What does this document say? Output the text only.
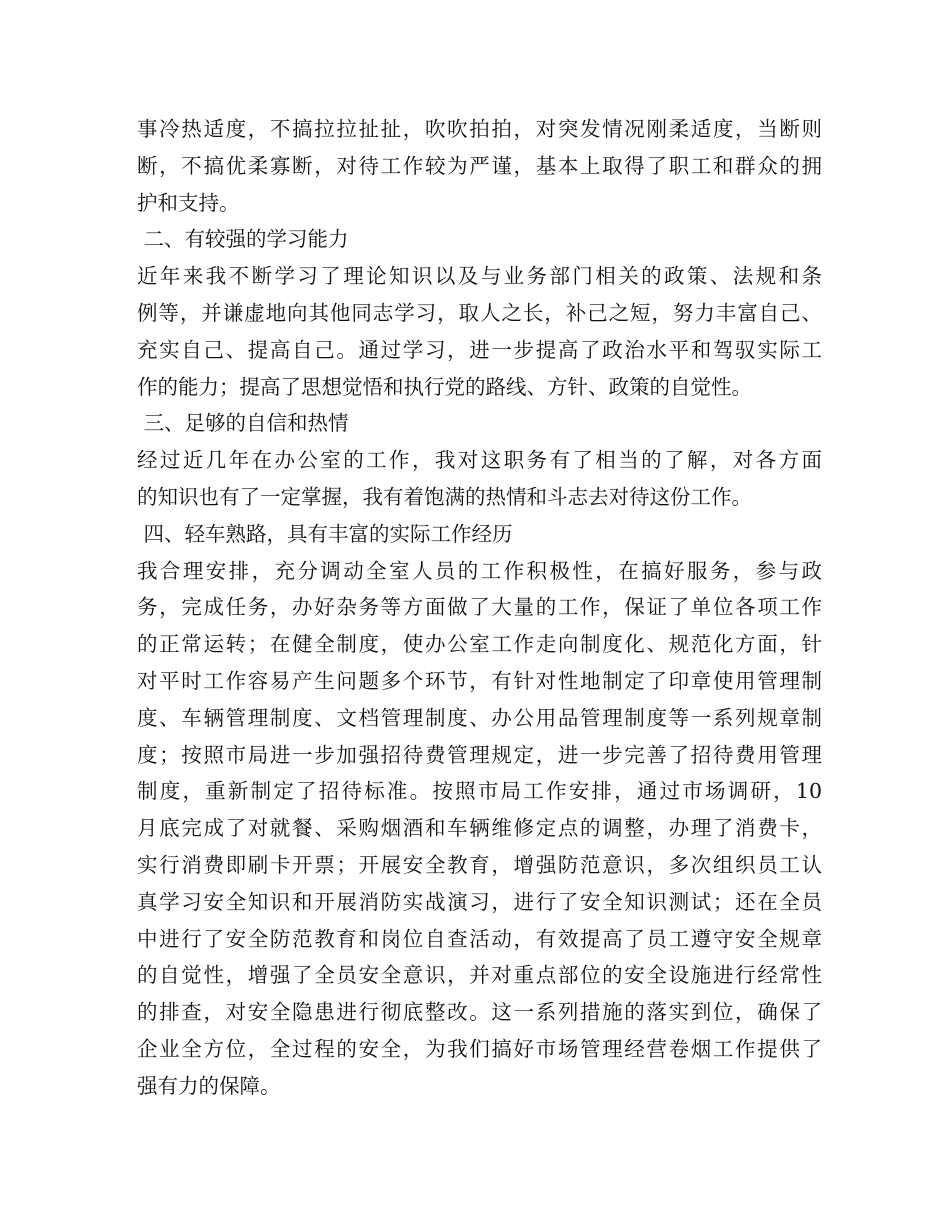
事冷热适度，不搞拉拉扯扯，吹吹拍拍，对突发情况刚柔适度，当断则
断，不搞优柔寡断，对待工作较为严谨，基本上取得了职工和群众的拥
护和支持。
二、有较强的学习能力
近年来我不断学习了理论知识以及与业务部门相关的政策、法规和条
例等，并谦虚地向其他同志学习，取人之长，补己之短，努力丰富自己、
充实自己、提高自己。通过学习，进一步提高了政治水平和驾驭实际工
作的能力；提高了思想觉悟和执行党的路线、方针、政策的自觉性。
三、足够的自信和热情
经过近几年在办公室的工作，我对这职务有了相当的了解，对各方面
的知识也有了一定掌握，我有着饱满的热情和斗志去对待这份工作。
四、轻车熟路，具有丰富的实际工作经历
我合理安排，充分调动全室人员的工作积极性，在搞好服务，参与政
务，完成任务，办好杂务等方面做了大量的工作，保证了单位各项工作
的正常运转；在健全制度，使办公室工作走向制度化、规范化方面，针
对平时工作容易产生问题多个环节，有针对性地制定了印章使用管理制
度、车辆管理制度、文档管理制度、办公用品管理制度等一系列规章制
度；按照市局进一步加强招待费管理规定，进一步完善了招待费用管理
制度，重新制定了招待标准。按照市局工作安排，通过市场调研，10
月底完成了对就餐、采购烟酒和车辆维修定点的调整，办理了消费卡，
实行消费即刷卡开票；开展安全教育，增强防范意识，多次组织员工认
真学习安全知识和开展消防实战演习，进行了安全知识测试；还在全员
中进行了安全防范教育和岗位自查活动，有效提高了员工遵守安全规章
的自觉性，增强了全员安全意识，并对重点部位的安全设施进行经常性
的排查，对安全隐患进行彻底整改。这一系列措施的落实到位，确保了
企业全方位，全过程的安全，为我们搞好市场管理经营卷烟工作提供了
强有力的保障。
